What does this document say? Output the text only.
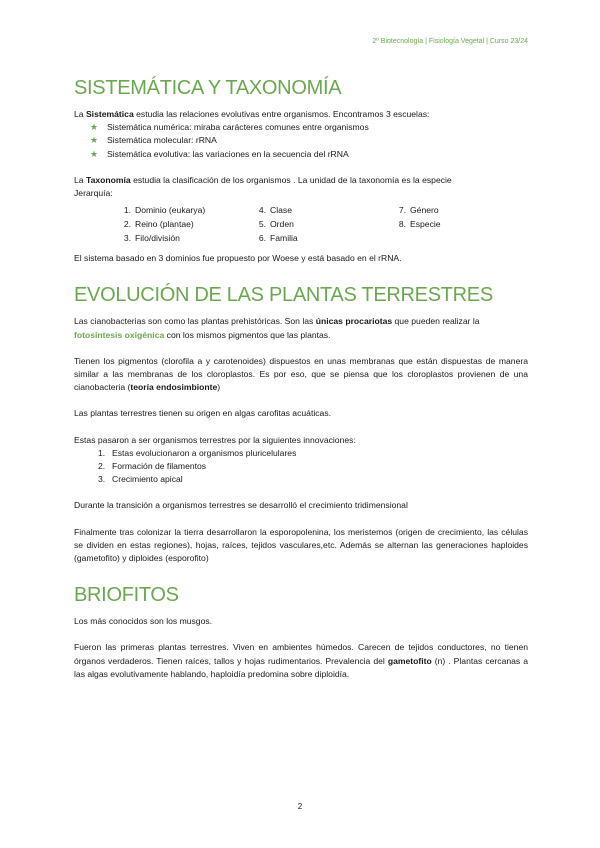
2º Biotecnología | Fisiología Vegetal | Curso 23/24
SISTEMÁTICA Y TAXONOMÍA

La Sistemática estudia las relaciones evolutivas entre organismos. Encontramos 3 escuelas:

★ Sistemática numérica: miraba carácteres comunes entre organismos
★ Sistemática molecular: rRNA
★ Sistemática evolutiva: las variaciones en la secuencia del rRNA

La Taxonomía estudia la clasificación de los organismos . La unidad de la taxonomía es la especie
Jerarquía:

1. Dominio (eukarya)
2. Reino (plantae)
3. Filo/división
4. Clase
5. Orden
6. Familia
7. Género
8. Especie

El sistema basado en 3 dominios fue propuesto por Woese y está basado en el rRNA.

EVOLUCIÓN DE LAS PLANTAS TERRESTRES

Las cianobacterias son como las plantas prehistóricas. Son las únicas procariotas que pueden realizar la fotosíntesis oxigénica con los mismos pigmentos que las plantas.

Tienen los pigmentos (clorofila a y carotenoides) dispuestos en unas membranas que están dispuestas de manera similar a las membranas de los cloroplastos. Es por eso, que se piensa que los cloroplastos provienen de una cianobacteria (teoría endosimbionte)

Las plantas terrestres tienen su origen en algas carofitas acuáticas.

Estas pasaron a ser organismos terrestres por la siguientes innovaciones:

1. Estas evolucionaron a organismos pluricelulares
2. Formación de filamentos
3. Crecimiento apical

Durante la transición a organismos terrestres se desarrolló el crecimiento tridimensional

Finalmente tras colonizar la tierra desarrollaron la esporopolenina, los meristemos (origen de crecimiento, las células se dividen en estas regiones), hojas, raíces, tejidos vasculares,etc. Además se alternan las generaciones haploides (gametofito) y diploides (esporofito)

BRIOFITOS

Los más conocidos son los musgos.

Fueron las primeras plantas terrestres. Viven en ambientes húmedos. Carecen de tejidos conductores, no tienen órganos verdaderos. Tienen raíces, tallos y hojas rudimentarios. Prevalencia del gametofito (n) . Plantas cercanas a las algas evolutivamente hablando, haploidía predomina sobre diploidía.

2
